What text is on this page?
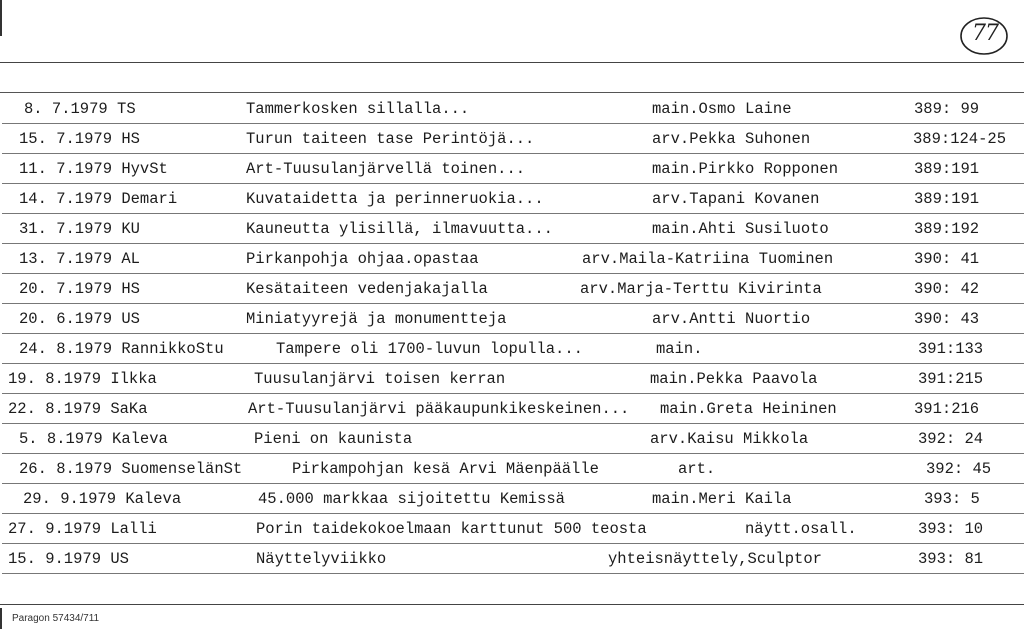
77
8. 7.1979 TS	Tammerkosken sillalla...	main.Osmo Laine	389: 99
15. 7.1979 HS	Turun taiteen tase Perintöjä...	arv.Pekka Suhonen	389:124-25
11. 7.1979 HyvSt	Art-Tuusulanjärvellä toinen...	main.Pirkko Ropponen	389:191
14. 7.1979 Demari	Kuvataidetta ja perinneruokia...	arv.Tapani Kovanen	389:191
31. 7.1979 KU	Kauneutta ylisillä, ilmavuutta...	main.Ahti Susiluoto	389:192
13. 7.1979 AL	Pirkanpohja ohjaa.opastaa	arv.Maila-Katriina Tuominen	390: 41
20. 7.1979 HS	Kesätaiteen vedenjakajalla	arv.Marja-Terttu Kivirinta	390: 42
20. 6.1979 US	Miniatyyrejä ja monumentteja	arv.Antti Nuortio	390: 43
24. 8.1979 RannikkoStu	Tampere oli 1700-luvun lopulla...	main.	391:133
19. 8.1979 Ilkka	Tuusulanjärvi toisen kerran	main.Pekka Paavola	391:215
22. 8.1979 SaKa	Art-Tuusulanjärvi pääkaupunkikeskeinen... main.Greta Heininen	391:216
5. 8.1979 Kaleva	Pieni on kaunista	arv.Kaisu Mikkola	392: 24
26. 8.1979 SuomenselänSt	Pirkampohjan kesä Arvi Mäenpäälle	art.	392: 45
29. 9.1979 Kaleva	45.000 markkaa sijoitettu Kemissä	main.Meri Kaila	393: 5
27. 9.1979 Lalli	Porin taidekokoelmaan karttunut 500 teosta	näytt.osall.	393: 10
15. 9.1979 US	Näyttelyviikko	yhteisnäyttely,Sculptor	393: 81
Paragon 57434/711
